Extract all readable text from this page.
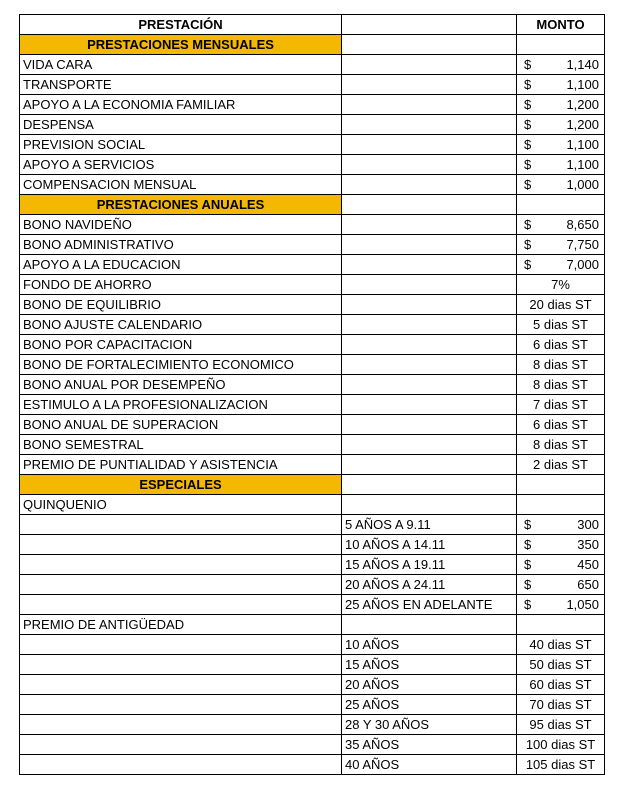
PRESTACIÓN		MONTO
PRESTACIONES MENSUALES		
VIDA CARA		$ 1,140

TRANSPORTE		$ 1,100

APOYO A LA ECONOMIA FAMILIAR		$ 1,200

DESPENSA		$ 1,200

PREVISION SOCIAL		$ 1,100

APOYO A SERVICIOS		$ 1,100

COMPENSACION MENSUAL		$ 1,000

PRESTACIONES ANUALES		
BONO NAVIDEÑO		$ 8,650

BONO ADMINISTRATIVO		$ 7,750

APOYO A LA EDUCACION		$ 7,000

FONDO DE AHORRO		7%
BONO DE EQUILIBRIO		20 dias ST
BONO AJUSTE CALENDARIO		5 dias ST
BONO POR CAPACITACION		6 dias ST
BONO DE FORTALECIMIENTO ECONOMICO		8 dias ST
BONO ANUAL POR DESEMPEÑO		8 dias ST
ESTIMULO A LA PROFESIONALIZACION		7 dias ST
BONO ANUAL DE SUPERACION		6 dias ST
BONO SEMESTRAL		8 dias ST
PREMIO DE PUNTIALIDAD Y ASISTENCIA		2 dias ST
ESPECIALES		
QUINQUENIO		
	5 AÑOS A 9.11	$ 300

	10 AÑOS A 14.11	$ 350

	15 AÑOS A 19.11	$ 450

	20 AÑOS A 24.11	$ 650

	25 AÑOS EN ADELANTE	$ 1,050

PREMIO DE ANTIGÜEDAD		
	10 AÑOS	40 dias ST
	15 AÑOS	50 dias ST
	20 AÑOS	60 dias ST
	25 AÑOS	70 dias ST
	28 Y 30 AÑOS	95 dias ST
	35 AÑOS	100 dias ST
	40 AÑOS	105 dias ST
